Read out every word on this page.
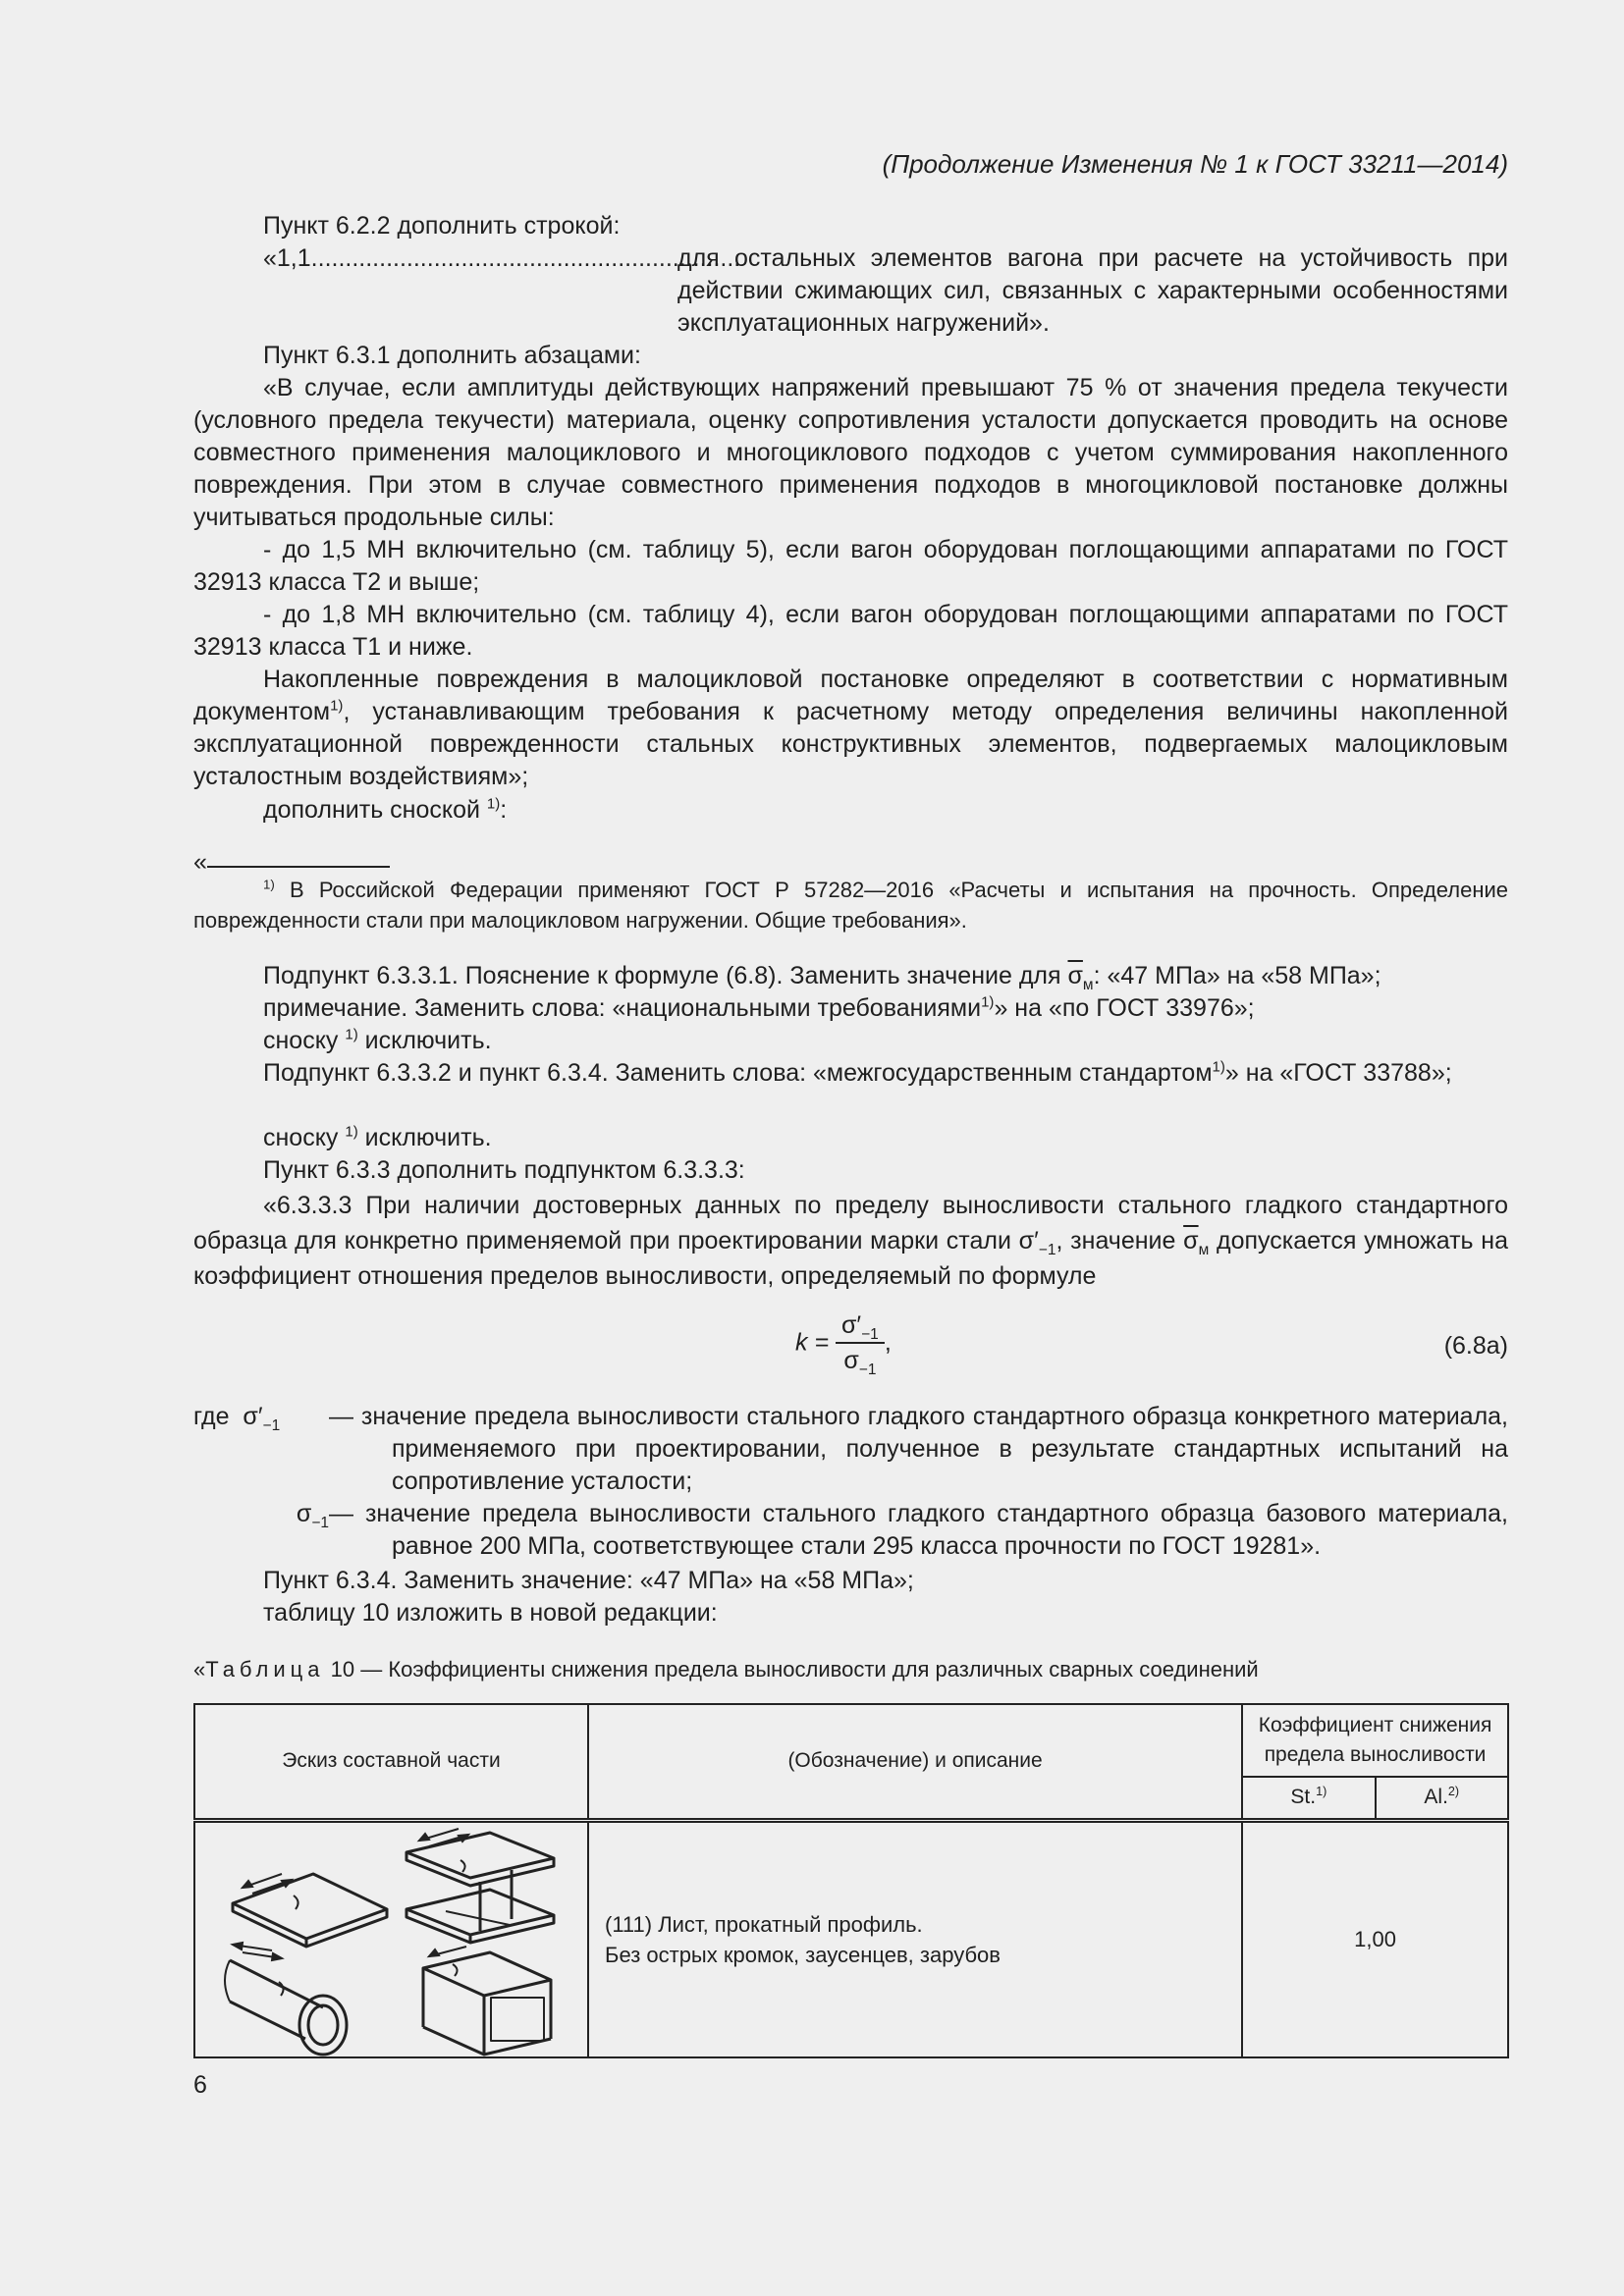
(Продолжение Изменения № 1 к ГОСТ 33211—2014)
Пункт 6.2.2 дополнить строкой:
«1,1...............................................................
для остальных элементов вагона при расчете на устойчивость при действии сжимающих сил, связанных с характерными особенностями эксплуатационных нагружений».
Пункт 6.3.1 дополнить абзацами:
«В случае, если амплитуды действующих напряжений превышают 75 % от значения предела текучести (условного предела текучести) материала, оценку сопротивления усталости допускается проводить на основе совместного применения малоциклового и многоциклового подходов с учетом суммирования накопленного повреждения. При этом в случае совместного применения подходов в многоцикловой постановке должны учитываться продольные силы:
- до 1,5 МН включительно (см. таблицу 5), если вагон оборудован поглощающими аппаратами по ГОСТ 32913 класса Т2 и выше;
- до 1,8 МН включительно (см. таблицу 4), если вагон оборудован поглощающими аппаратами по ГОСТ 32913 класса Т1 и ниже.
Накопленные повреждения в малоцикловой постановке определяют в соответствии с нормативным документом$^{1)}$, устанавливающим требования к расчетному методу определения величины накопленной эксплуатационной поврежденности стальных конструктивных элементов, подвергаемых малоцикловым усталостным воздействиям»;
дополнить сноской $^{1)}$:
«
$^{1)}$ В Российской Федерации применяют ГОСТ Р 57282—2016 «Расчеты и испытания на прочность. Определение поврежденности стали при малоцикловом нагружении. Общие требования».
Подпункт 6.3.3.1. Пояснение к формуле (6.8). Заменить значение для $\overline{\sigma}_м$: «47 МПа» на «58 МПа»;
примечание. Заменить слова: «национальными требованиями$^{1)}$» на «по ГОСТ 33976»;
сноску $^{1)}$ исключить.
Подпункт 6.3.3.2 и пункт 6.3.4. Заменить слова: «межгосударственным стандартом$^{1)}$» на «ГОСТ 33788»;
сноску $^{1)}$ исключить.
Пункт 6.3.3 дополнить подпунктом 6.3.3.3:
«6.3.3.3 При наличии достоверных данных по пределу выносливости стального гладкого стандартного образца для конкретно применяемой при проектировании марки стали $\sigma'_{-1}$, значение $\overline{\sigma}_м$ допускается умножать на коэффициент отношения пределов выносливости, определяемый по формуле
$k = \frac{\sigma'_{-1}}{\sigma_{-1}}$ ,	(6.8а)
где $\sigma'_{-1}$	— значение предела выносливости стального гладкого стандартного образца конкретного материала, применяемого при проектировании, полученное в результате стандартных испытаний на сопротивление усталости;
$\sigma_{-1}$ — значение предела выносливости стального гладкого стандартного образца базового материала, равное 200 МПа, соответствующее стали 295 класса прочности по ГОСТ 19281».
Пункт 6.3.4. Заменить значение: «47 МПа» на «58 МПа»;
таблицу 10 изложить в новой редакции:
«Таблица 10 — Коэффициенты снижения предела выносливости для различных сварных соединений
Эскиз составной части	(Обозначение) и описание	Коэффициент снижения предела выносливости	
		St.$^{1)}$	Al.$^{2)}$

(111) Лист, прокатный профиль.
Без острых кромок, заусенцев, зарубов	1,00	
6
